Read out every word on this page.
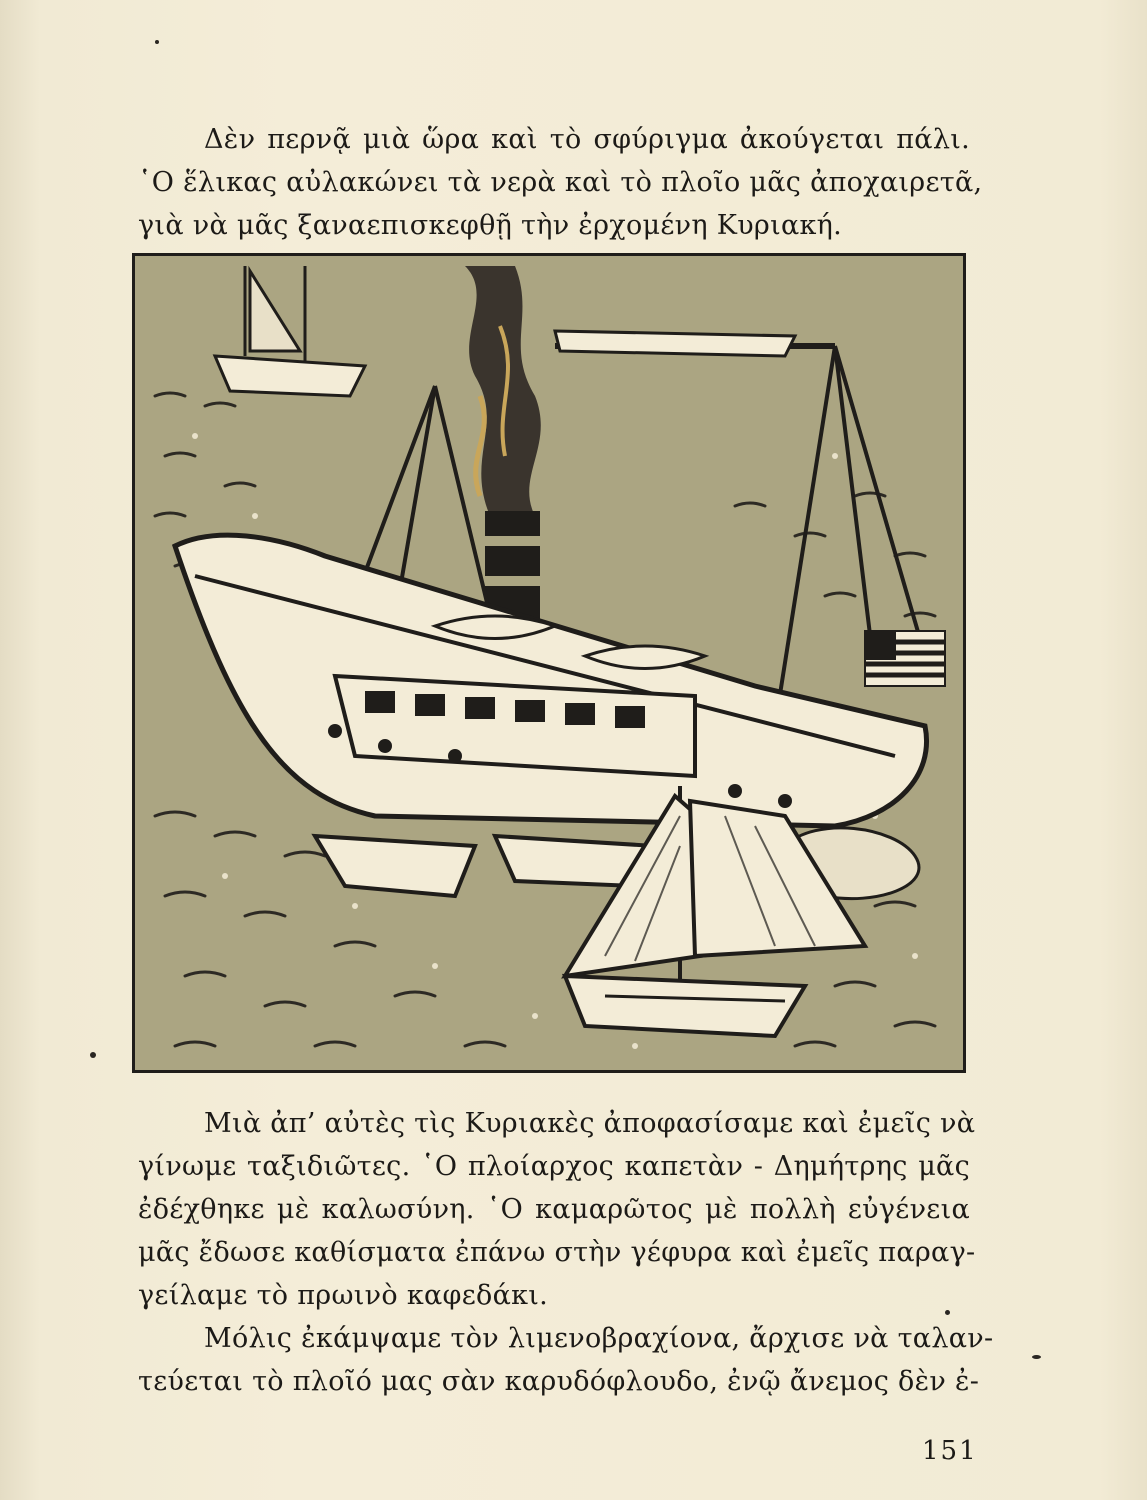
Δὲν περνᾷ μιὰ ὥρα καὶ τὸ σφύριγμα ἀκούγεται πάλι.
῾Ο ἕλικας αὐλακώνει τὰ νερὰ καὶ τὸ πλοῖο μᾶς ἀποχαιρετᾶ,
γιὰ νὰ μᾶς ξαναεπισκεφθῇ τὴν ἐρχομένη Κυριακή.

Μιὰ ἀπ’ αὐτὲς τὶς Κυριακὲς ἀποφασίσαμε καὶ ἐμεῖς νὰ
γίνωμε ταξιδιῶτες. ῾Ο πλοίαρχος καπετὰν - Δημήτρης μᾶς
ἐδέχθηκε μὲ καλωσύνη. ῾Ο καμαρῶτος μὲ πολλὴ εὐγένεια
μᾶς ἔδωσε καθίσματα ἐπάνω στὴν γέφυρα καὶ ἐμεῖς παραγ-
γείλαμε τὸ πρωινὸ καφεδάκι.

Μόλις ἐκάμψαμε τὸν λιμενοβραχίονα, ἄρχισε νὰ ταλαν-
τεύεται τὸ πλοῖό μας σὰν καρυδόφλουδο, ἐνῷ ἄνεμος δὲν ἐ-

151
